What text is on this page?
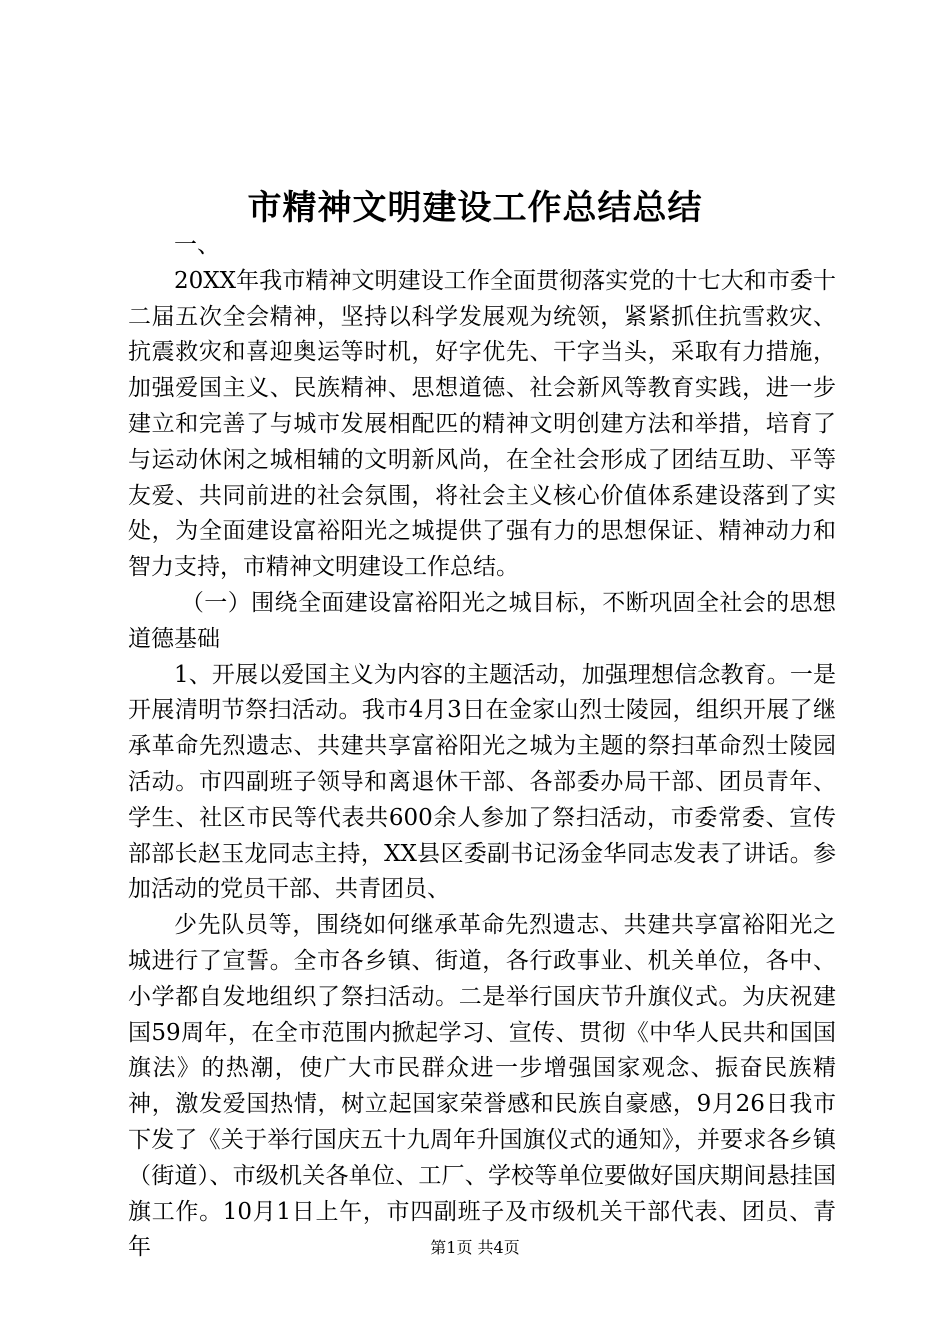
市精神文明建设工作总结总结

一、

20XX年我市精神文明建设工作全面贯彻落实党的十七大和市委十二届五次全会精神，坚持以科学发展观为统领，紧紧抓住抗雪救灾、抗震救灾和喜迎奥运等时机，好字优先、干字当头，采取有力措施，加强爱国主义、民族精神、思想道德、社会新风等教育实践，进一步建立和完善了与城市发展相配匹的精神文明创建方法和举措，培育了与运动休闲之城相辅的文明新风尚，在全社会形成了团结互助、平等友爱、共同前进的社会氛围，将社会主义核心价值体系建设落到了实处，为全面建设富裕阳光之城提供了强有力的思想保证、精神动力和智力支持，市精神文明建设工作总结。

（一）围绕全面建设富裕阳光之城目标，不断巩固全社会的思想道德基础

1、开展以爱国主义为内容的主题活动，加强理想信念教育。一是开展清明节祭扫活动。我市4月3日在金家山烈士陵园，组织开展了继承革命先烈遗志、共建共享富裕阳光之城为主题的祭扫革命烈士陵园活动。市四副班子领导和离退休干部、各部委办局干部、团员青年、学生、社区市民等代表共600余人参加了祭扫活动，市委常委、宣传部部长赵玉龙同志主持，XX县区委副书记汤金华同志发表了讲话。参加活动的党员干部、共青团员、

少先队员等，围绕如何继承革命先烈遗志、共建共享富裕阳光之城进行了宣誓。全市各乡镇、街道，各行政事业、机关单位，各中、小学都自发地组织了祭扫活动。二是举行国庆节升旗仪式。为庆祝建国59周年，在全市范围内掀起学习、宣传、贯彻《中华人民共和国国旗法》的热潮，使广大市民群众进一步增强国家观念、振奋民族精神，激发爱国热情，树立起国家荣誉感和民族自豪感，9月26日我市下发了《关于举行国庆五十九周年升国旗仪式的通知》，并要求各乡镇（街道）、市级机关各单位、工厂、学校等单位要做好国庆期间悬挂国旗工作。10月1日上午，市四副班子及市级机关干部代表、团员、青年	第1页 共4页
